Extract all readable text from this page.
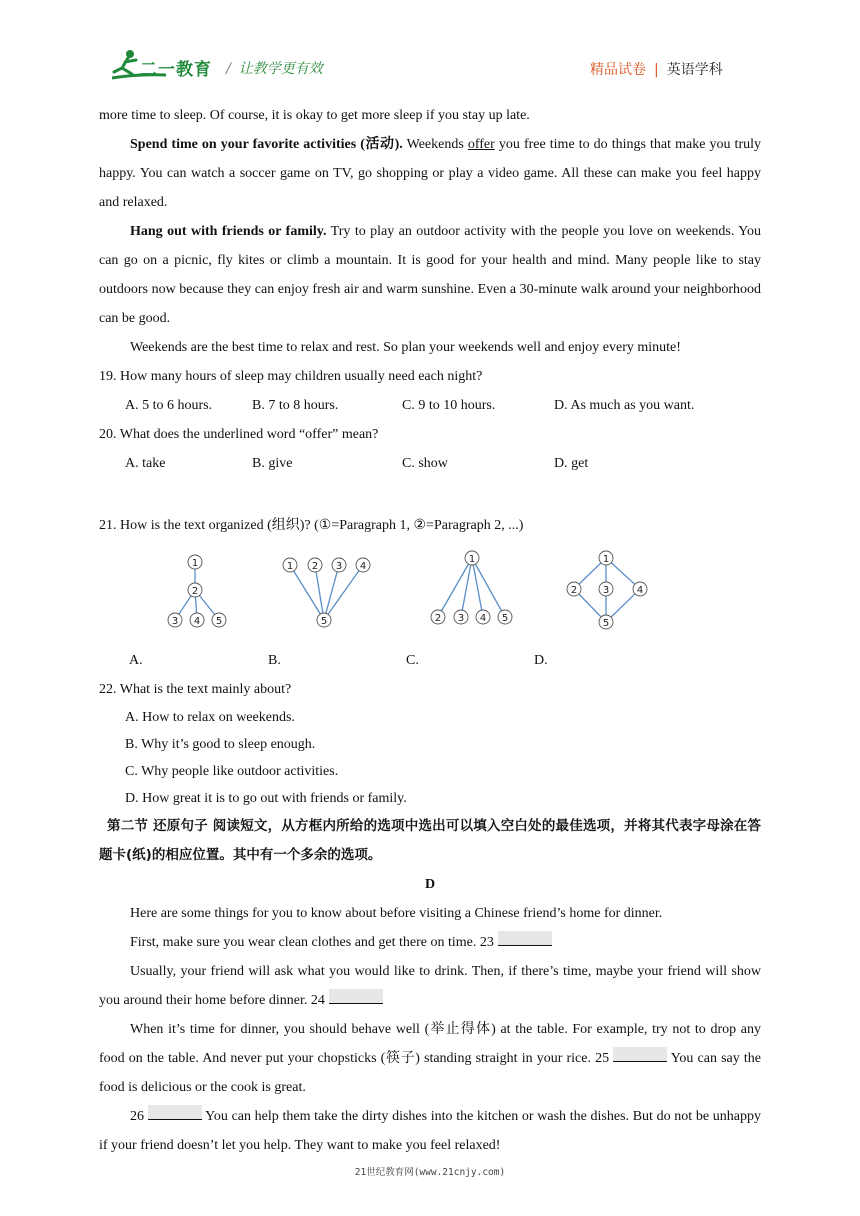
二一教育 / 让教学更有效	精品试卷 | 英语学科

more time to sleep. Of course, it is okay to get more sleep if you stay up late.

Spend time on your favorite activities (活动). Weekends offer you free time to do things that make you truly happy. You can watch a soccer game on TV, go shopping or play a video game. All these can make you feel happy and relaxed.

Hang out with friends or family. Try to play an outdoor activity with the people you love on weekends. You can go on a picnic, fly kites or climb a mountain. It is good for your health and mind. Many people like to stay outdoors now because they can enjoy fresh air and warm sunshine. Even a 30-minute walk around your neighborhood can be good.

Weekends are the best time to relax and rest. So plan your weekends well and enjoy every minute!

19. How many hours of sleep may children usually need each night?

A. 5 to 6 hours.	B. 7 to 8 hours.	C. 9 to 10 hours.	D. As much as you want.

20. What does the underlined word “offer” mean?

A. take	B. give	C. show	D. get

21. How is the text organized (组织)? (①=Paragraph 1, ②=Paragraph 2, ...)

1
2
3 4 5
1 2 3 4
5
1
2 3 4 5
1
2	3	4
5
A.	B.	C.	D.

22. What is the text mainly about?

A. How to relax on weekends.

B. Why it’s good to sleep enough.

C. Why people like outdoor activities.

D. How great it is to go out with friends or family.

第二节 还原句子 阅读短文，从方框内所给的选项中选出可以填入空白处的最佳选项，并将其代表字母涂在答题卡(纸)的相应位置。其中有一个多余的选项。

D

Here are some things for you to know about before visiting a Chinese friend’s home for dinner.

First, make sure you wear clean clothes and get there on time. 23

Usually, your friend will ask what you would like to drink. Then, if there’s time, maybe your friend will show you around their home before dinner. 24

When it’s time for dinner, you should behave well (举止得体) at the table. For example, try not to drop any food on the table. And never put your chopsticks (筷子) standing straight in your rice. 25	You can say the food is delicious or the cook is great.

26	You can help them take the dirty dishes into the kitchen or wash the dishes. But do not be unhappy if your friend doesn’t let you help. They want to make you feel relaxed!

21世纪教育网(www.21cnjy.com)
